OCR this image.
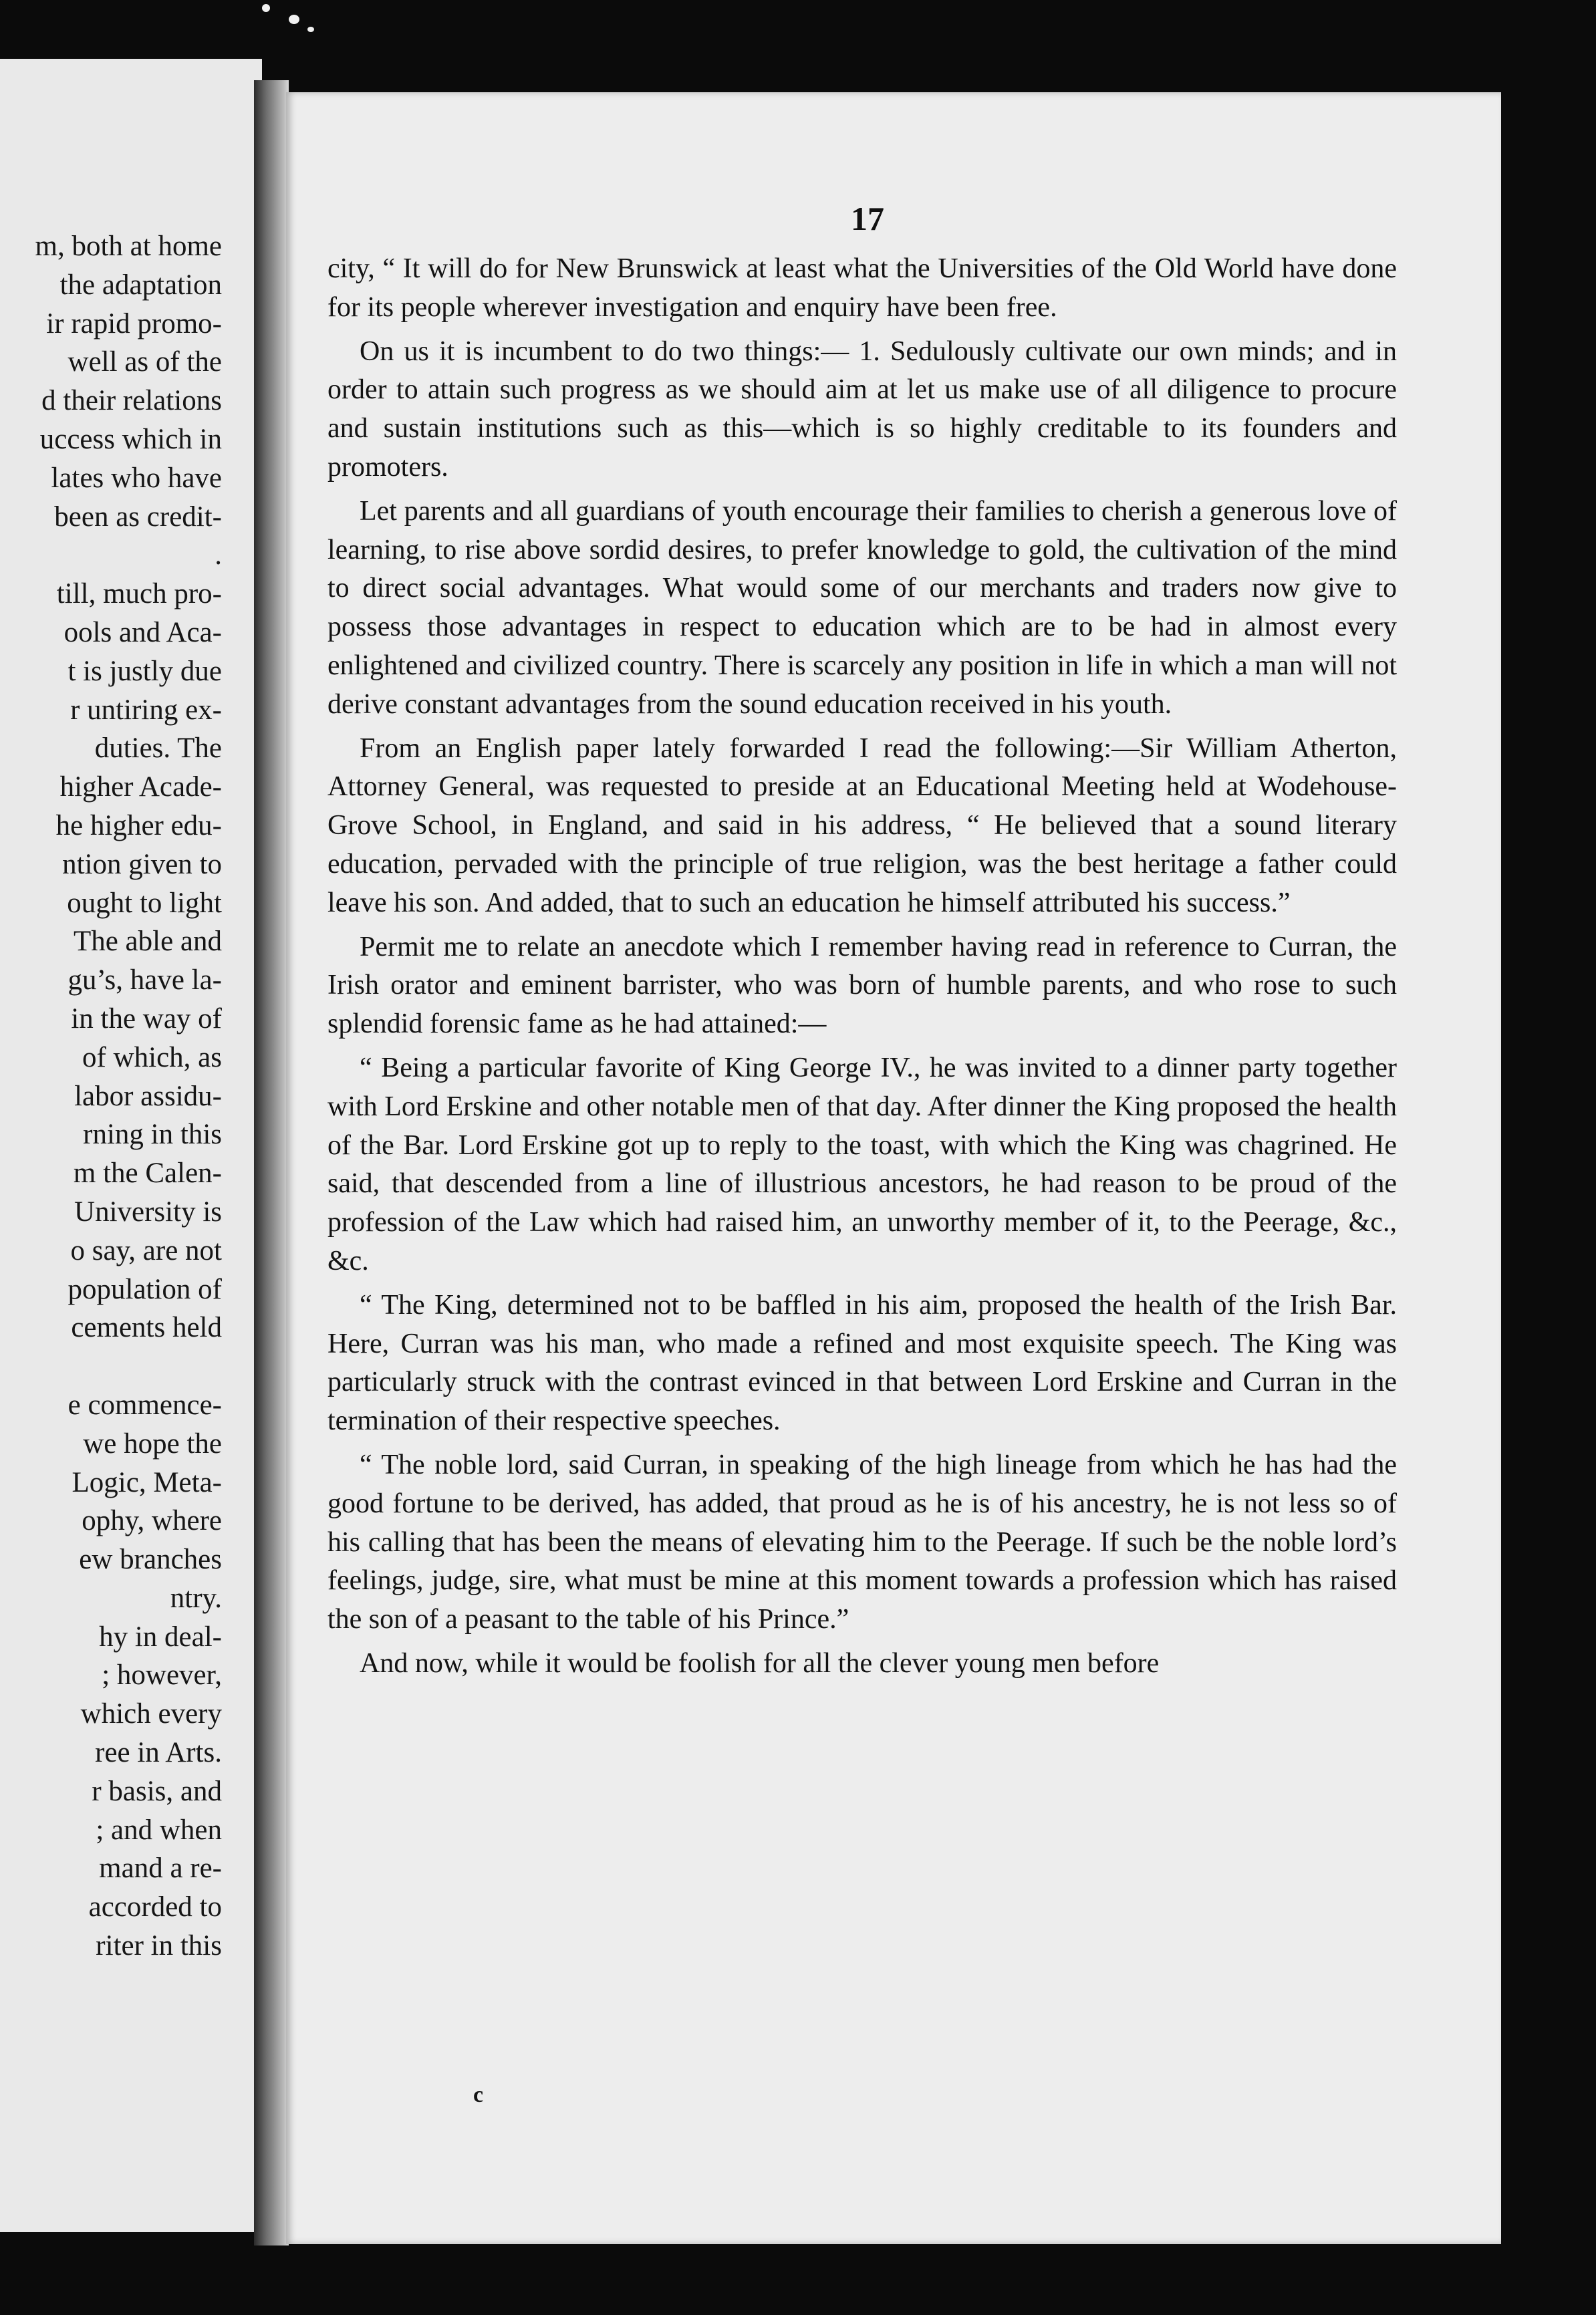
m, both at home
the adaptation
ir rapid promo-
well as of the
d their relations
uccess which in
lates who have
been as credit-
.
till, much pro-
ools and Aca-
t is justly due
r untiring ex-
duties. The
higher Acade-
he higher edu-
ntion given to
ought to light
The able and
gu’s, have la-
in the way of
of which, as
labor assidu-
rning in this
m the Calen-
University is
o say, are not
population of
cements held
e commence-
we hope the
Logic, Meta-
ophy, where
ew branches
ntry.
hy in deal-
; however,
which every
ree in Arts.
r basis, and
; and when
mand a re-
accorded to
riter in this
17

city, “ It will do for New Brunswick at least what the Universities of the Old World have done for its people wherever investigation and enquiry have been free.

On us it is incumbent to do two things:— 1. Sedulously cultivate our own minds; and in order to attain such progress as we should aim at let us make use of all diligence to procure and sustain institutions such as this—which is so highly creditable to its founders and promoters.

Let parents and all guardians of youth encourage their families to cherish a generous love of learning, to rise above sordid desires, to prefer knowledge to gold, the cultivation of the mind to direct social advantages. What would some of our merchants and traders now give to possess those advantages in respect to education which are to be had in almost every enlightened and civilized country. There is scarcely any position in life in which a man will not derive constant advantages from the sound education received in his youth.

From an English paper lately forwarded I read the following:—Sir William Atherton, Attorney General, was requested to preside at an Educational Meeting held at Wodehouse-Grove School, in England, and said in his address, “ He believed that a sound literary education, pervaded with the principle of true religion, was the best heritage a father could leave his son. And added, that to such an education he himself attributed his success.”

Permit me to relate an anecdote which I remember having read in reference to Curran, the Irish orator and eminent barrister, who was born of humble parents, and who rose to such splendid forensic fame as he had attained:—

“ Being a particular favorite of King George IV., he was invited to a dinner party together with Lord Erskine and other notable men of that day. After dinner the King proposed the health of the Bar. Lord Erskine got up to reply to the toast, with which the King was chagrined. He said, that descended from a line of illustrious ancestors, he had reason to be proud of the profession of the Law which had raised him, an unworthy member of it, to the Peerage, &c., &c.

“ The King, determined not to be baffled in his aim, proposed the health of the Irish Bar. Here, Curran was his man, who made a refined and most exquisite speech. The King was particularly struck with the contrast evinced in that between Lord Erskine and Curran in the termination of their respective speeches.

“ The noble lord, said Curran, in speaking of the high lineage from which he has had the good fortune to be derived, has added, that proud as he is of his ancestry, he is not less so of his calling that has been the means of elevating him to the Peerage. If such be the noble lord’s feelings, judge, sire, what must be mine at this moment towards a profession which has raised the son of a peasant to the table of his Prince.”

And now, while it would be foolish for all the clever young men before

c
